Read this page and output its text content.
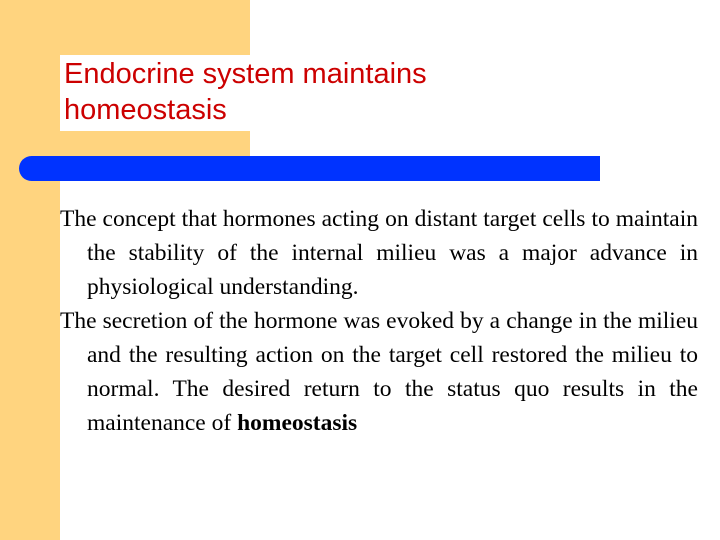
Endocrine system maintains homeostasis

The concept that hormones acting on distant target cells to maintain the stability of the internal milieu was a major advance in physiological understanding.

The secretion of the hormone was evoked by a change in the milieu and the resulting action on the target cell restored the milieu to normal. The desired return to the status quo results in the maintenance of homeostasis
